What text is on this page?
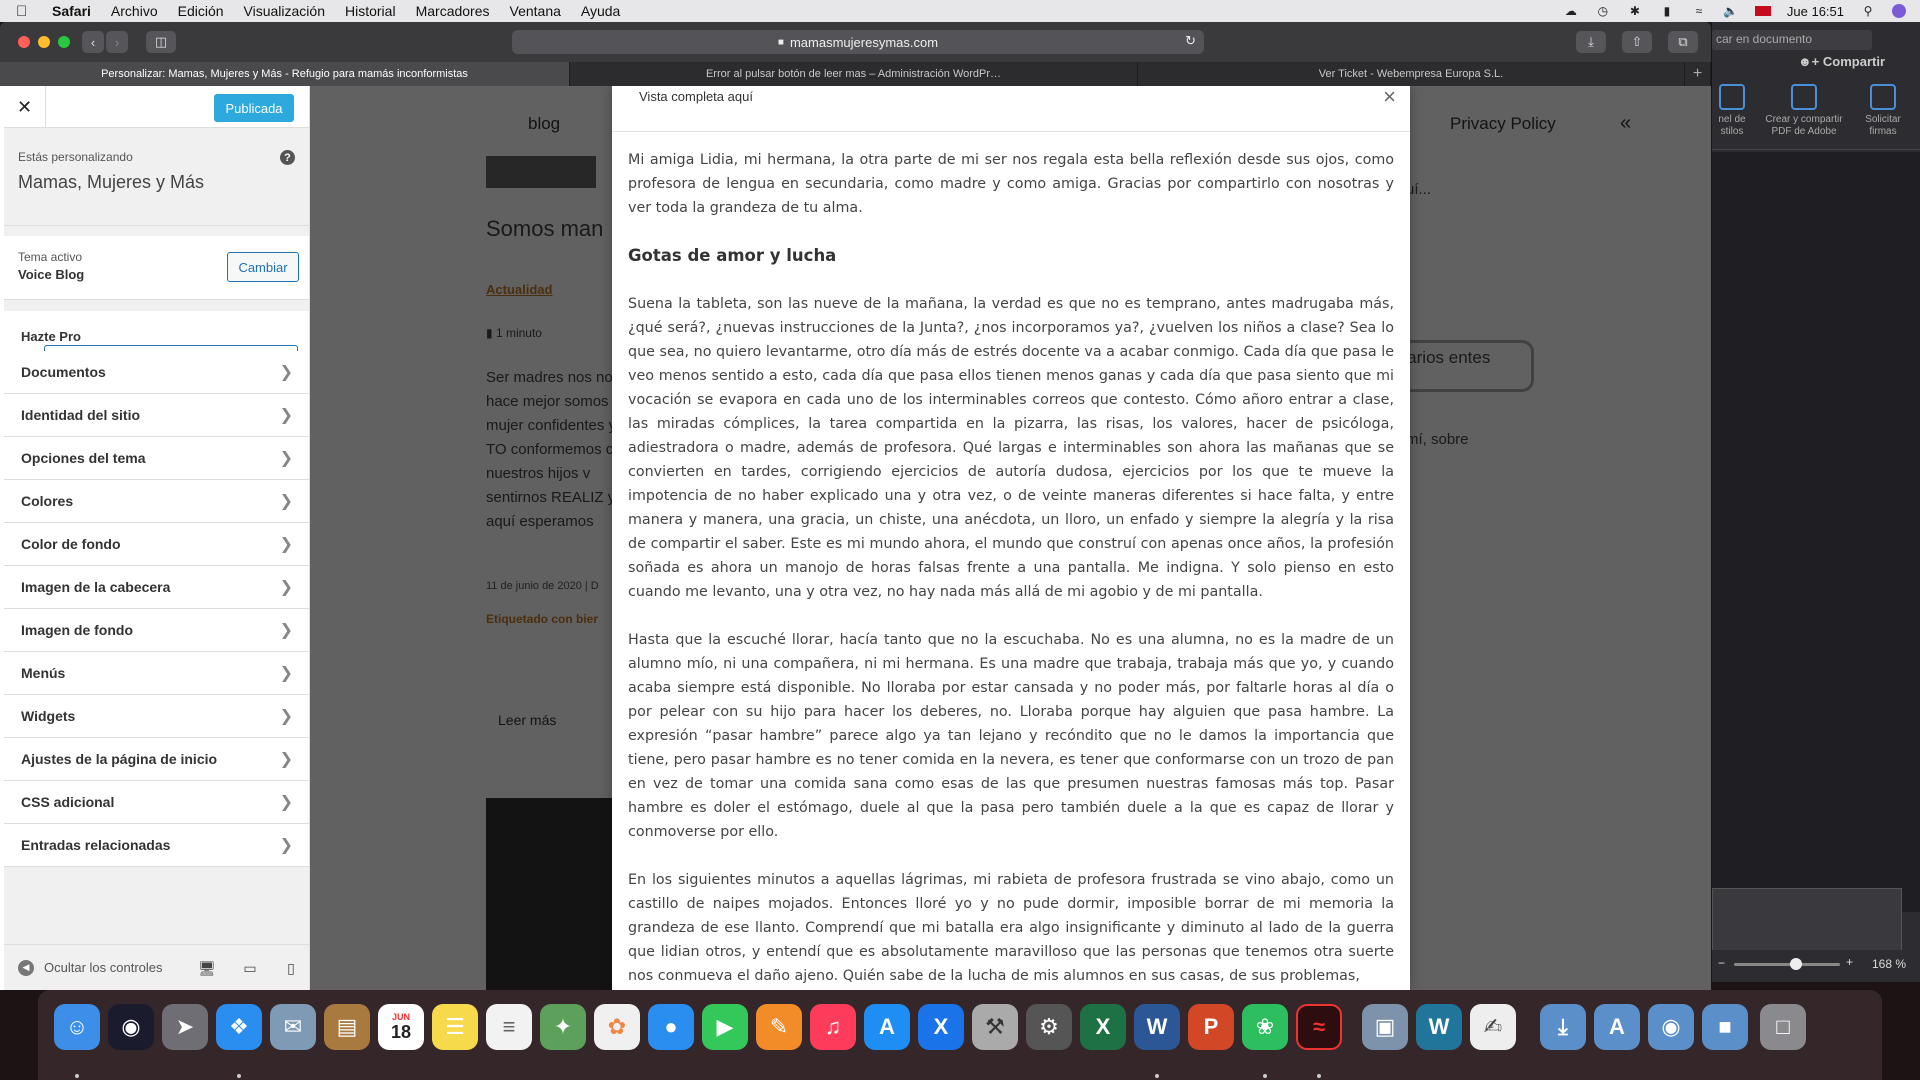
Safari Archivo Edición Visualización Historial Marcadores Ventana Ayuda	☁ ◷ ✱	▮	≈	🔈	Jue 16:51 ⚲
car en documento
☻+ Compartir
nel de stilos
Crear y compartir PDF de Adobe
Solicitar firmas
−	+ 168 %
‹	›	◫	■ mamasmujeresymas.com	↻	⤓	⇧	⧉
Personalizar: Mamas, Mujeres y Más - Refugio para mamás inconformistas	Error al pulsar botón de leer mas – Administración WordPr…	Ver Ticket - Webempresa Europa S.L.	+
✕	Publicada
Estás personalizando
Mamas, Mujeres y Más
?
Tema activo
Voice Blog	Cambiar
Hazte Pro
Documentos	❯
Identidad del sitio	❯
Opciones del tema	❯
Colores	❯
Color de fondo	❯
Imagen de la cabecera	❯
Imagen de fondo	❯
Menús	❯
Widgets	❯
Ajustes de la página de inicio	❯
CSS adicional	❯
Entradas relacionadas	❯
◀	Ocultar los controles	🖥	▭	▯
Vista completa aquí	×

Mi amiga Lidia, mi hermana, la otra parte de mi ser nos regala esta bella reflexión desde sus ojos, como profesora de lengua en secundaria, como madre y como amiga. Gracias por compartirlo con nosotras y ver toda la grandeza de tu alma.

Gotas de amor y lucha

Suena la tableta, son las nueve de la mañana, la verdad es que no es temprano, antes madrugaba más, ¿qué será?, ¿nuevas instrucciones de la Junta?, ¿nos incorporamos ya?, ¿vuelven los niños a clase? Sea lo que sea, no quiero levantarme, otro día más de estrés docente va a acabar conmigo. Cada día que pasa le veo menos sentido a esto, cada día que pasa ellos tienen menos ganas y cada día que pasa siento que mi vocación se evapora en cada uno de los interminables correos que contesto. Cómo añoro entrar a clase, las miradas cómplices, la tarea compartida en la pizarra, las risas, los valores, hacer de psicóloga, adiestradora o madre, además de profesora. Qué largas e interminables son ahora las mañanas que se convierten en tardes, corrigiendo ejercicios de autoría dudosa, ejercicios por los que te mueve la impotencia de no haber explicado una y otra vez, o de veinte maneras diferentes si hace falta, y entre manera y manera, una gracia, un chiste, una anécdota, un lloro, un enfado y siempre la alegría y la risa de compartir el saber. Este es mi mundo ahora, el mundo que construí con apenas once años, la profesión soñada es ahora un manojo de horas falsas frente a una pantalla. Me indigna. Y solo pienso en esto cuando me levanto, una y otra vez, no hay nada más allá de mi agobio y de mi pantalla.

Hasta que la escuché llorar, hacía tanto que no la escuchaba. No es una alumna, no es la madre de un alumno mío, ni una compañera, ni mi hermana. Es una madre que trabaja, trabaja más que yo, y cuando acaba siempre está disponible. No lloraba por estar cansada y no poder más, por faltarle horas al día o por pelear con su hijo para hacer los deberes, no. Lloraba porque hay alguien que pasa hambre. La expresión “pasar hambre” parece algo ya tan lejano y recóndito que no le damos la importancia que tiene, pero pasar hambre es no tener comida en la nevera, es tener que conformarse con un trozo de pan en vez de tomar una comida sana como esas de las que presumen nuestras famosas más top. Pasar hambre es doler el estómago, duele al que la pasa pero también duele a la que es capaz de llorar y conmoverse por ello.

En los siguientes minutos a aquellas lágrimas, mi rabieta de profesora frustrada se vino abajo, como un castillo de naipes mojados. Entonces lloré yo y no pude dormir, imposible borrar de mi memoria la grandeza de ese llanto. Comprendí que mi batalla era algo insignificante y diminuto al lado de la guerra que lidian otros, y entendí que es absolutamente maravilloso que las personas que tenemos otra suerte nos conmueva el daño ajeno. Quién sabe de la lucha de mis alumnos en sus casas, de sus problemas,

☺	◉	➤	❖	✉	▤	JUN
18	☰	≡	✦	✿	●	▶	✎	♫	A	X	⚒	⚙	X	W	P	❀	≈	▣	W	✍	⤓	A	◉	■	□
